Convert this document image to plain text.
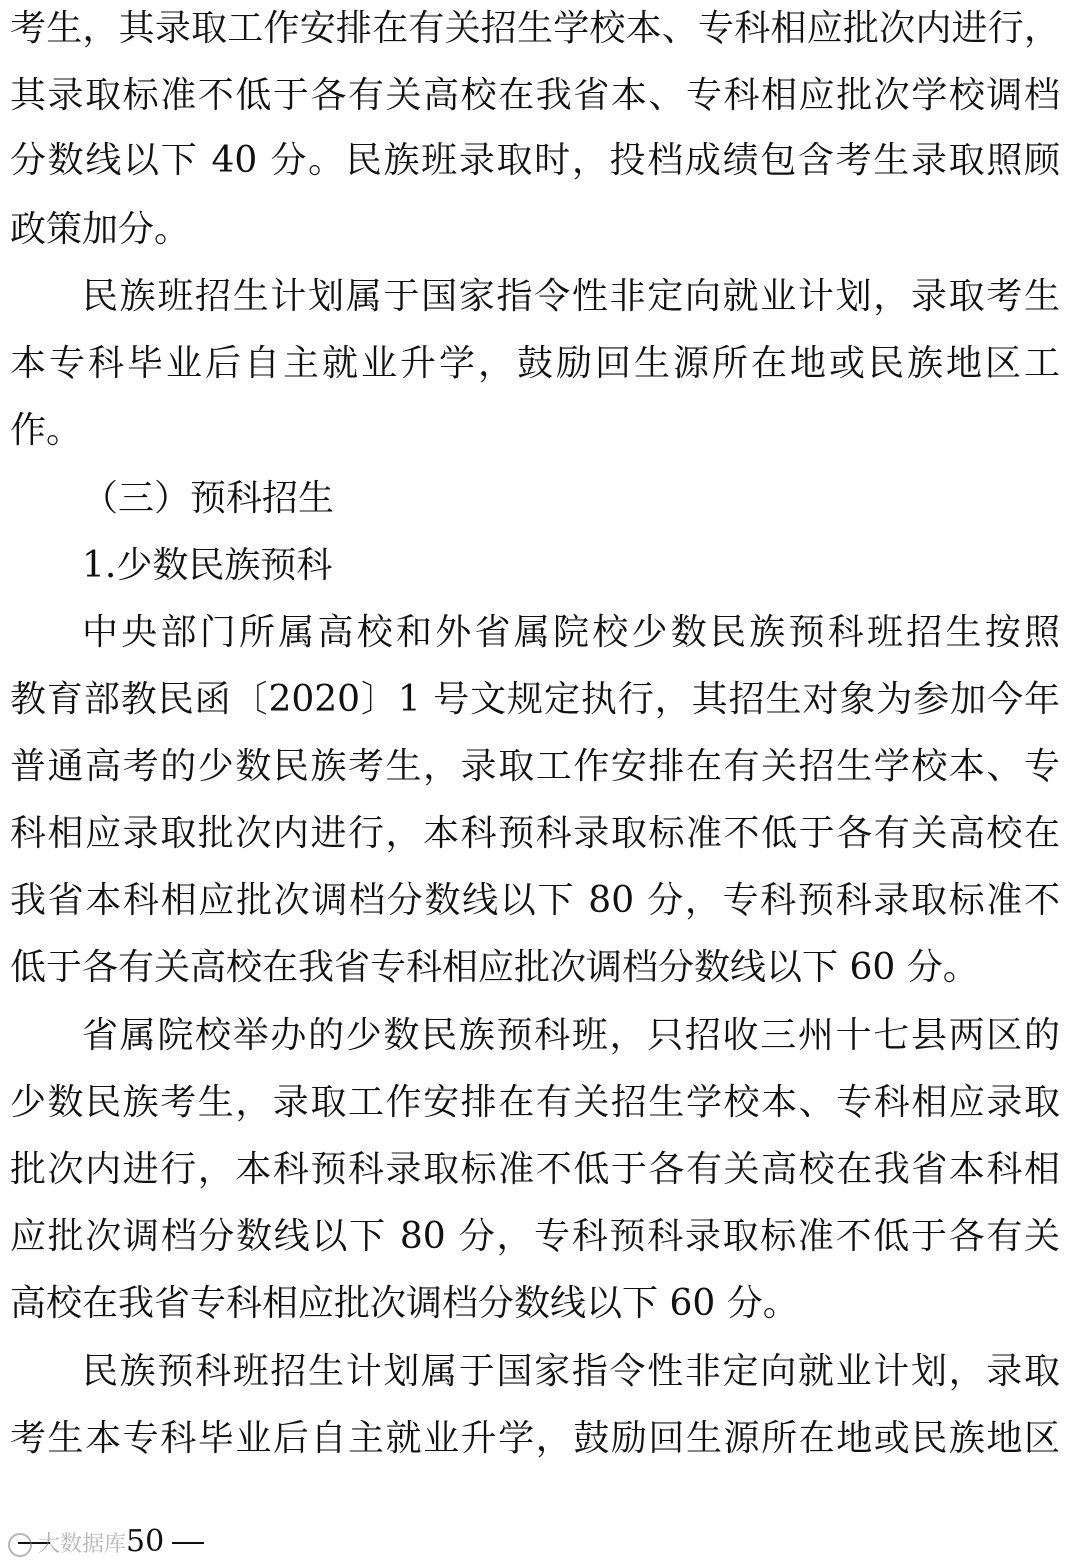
考生，其录取工作安排在有关招生学校本、专科相应批次内进行，
其录取标准不低于各有关高校在我省本、专科相应批次学校调档
分数线以下 40 分。民族班录取时，投档成绩包含考生录取照顾
政策加分。
民族班招生计划属于国家指令性非定向就业计划，录取考生
本专科毕业后自主就业升学，鼓励回生源所在地或民族地区工
作。
（三）预科招生
1.少数民族预科
中央部门所属高校和外省属院校少数民族预科班招生按照
教育部教民函〔2020〕1 号文规定执行，其招生对象为参加今年
普通高考的少数民族考生，录取工作安排在有关招生学校本、专
科相应录取批次内进行，本科预科录取标准不低于各有关高校在
我省本科相应批次调档分数线以下 80 分，专科预科录取标准不
低于各有关高校在我省专科相应批次调档分数线以下 60 分。
省属院校举办的少数民族预科班，只招收三州十七县两区的
少数民族考生，录取工作安排在有关招生学校本、专科相应录取
批次内进行，本科预科录取标准不低于各有关高校在我省本科相
应批次调档分数线以下 80 分，专科预科录取标准不低于各有关
高校在我省专科相应批次调档分数线以下 60 分。
民族预科班招生计划属于国家指令性非定向就业计划，录取
考生本专科毕业后自主就业升学，鼓励回生源所在地或民族地区
50
大数据库
